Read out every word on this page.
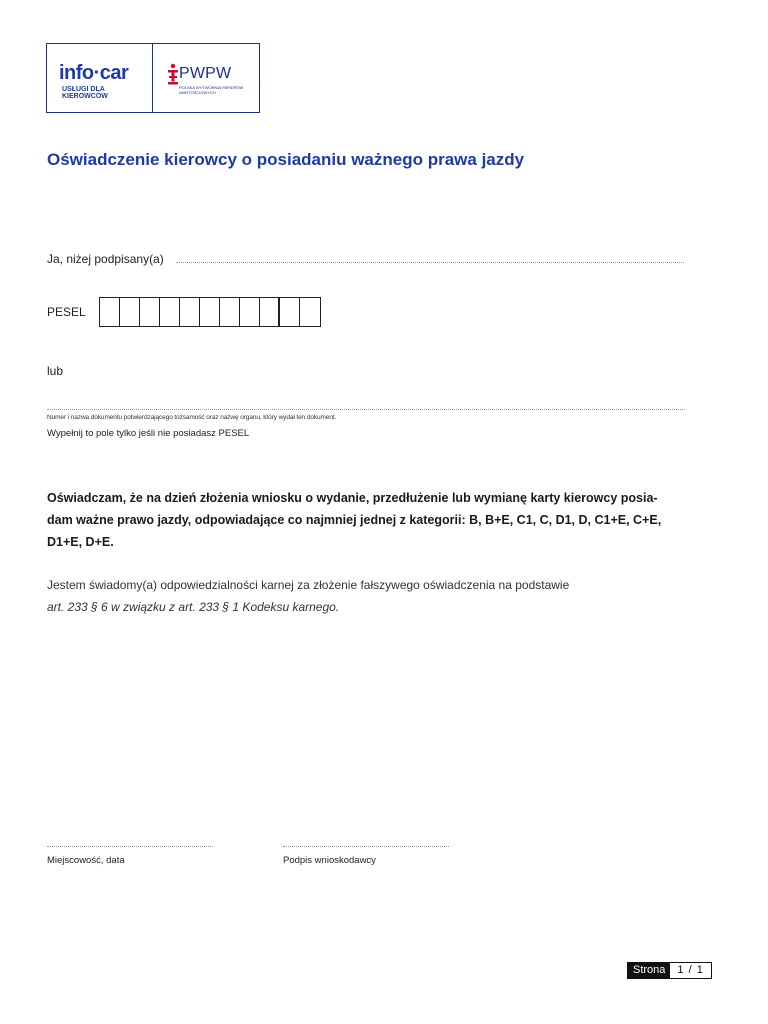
info·car
USŁUGI DLA KIEROWCÓW
PWPW
POLSKA WYTWÓRNIA PAPIERÓW WARTOŚCIOWYCH
Oświadczenie kierowcy o posiadaniu ważnego prawa jazdy
Ja, niżej podpisany(a)
PESEL
lub
Numer i nazwa dokumentu potwierdzającego tożsamość oraz nazwę organu, który wydał ten dokument.
Wypełnij to pole tylko jeśli nie posiadasz PESEL
Oświadczam, że na dzień złożenia wniosku o wydanie, przedłużenie lub wymianę karty kierowcy posia-
dam ważne prawo jazdy, odpowiadające co najmniej jednej z kategorii: B, B+E, C1, C, D1, D, C1+E, C+E,
D1+E, D+E.
Jestem świadomy(a) odpowiedzialności karnej za złożenie fałszywego oświadczenia na podstawie
art. 233 § 6 w związku z art. 233 § 1 Kodeksu karnego.
Miejscowość, data	Podpis wnioskodawcy
Strona	1 / 1
